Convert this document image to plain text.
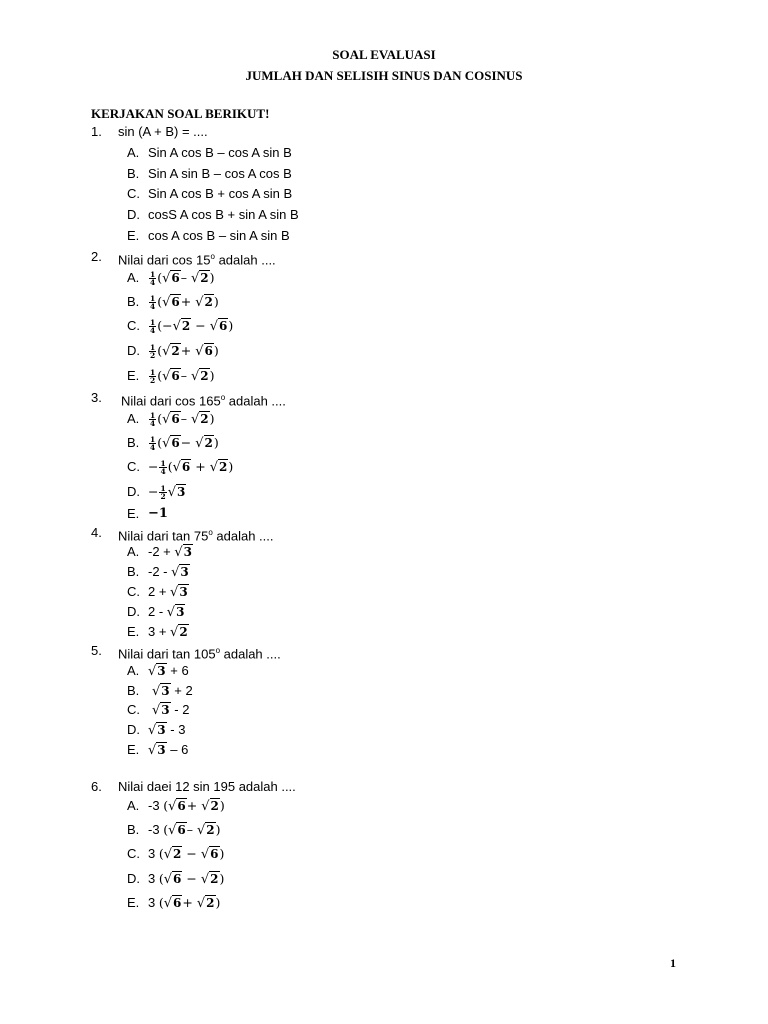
SOAL EVALUASI
JUMLAH DAN SELISIH SINUS DAN COSINUS
KERJAKAN SOAL BERIKUT!
1. sin (A + B) = ....
A. Sin A cos B – cos A sin B
B. Sin A sin B – cos A cos B
C. Sin A cos B + cos A sin B
D. cosS A cos B + sin A sin B
E. cos A cos B – sin A sin B
2. Nilai dari cos 15$^o$ adalah ....
A. $\frac{1}{4} (√6-$ √2)
B. $\frac{1}{4} (√6+ √2)$
C. $\frac{1}{4} (-√2 - √6)$
D. $\frac{1}{2} (√2+ √6)$
E. $\frac{1}{2} (√6-$ √2)
3. Nilai dari cos 165$^o$ adalah ....
A. $\frac{1}{4} (√6-$ √2)
B. $\frac{1}{4} (√6- √2)$
C. − $\frac{1}{4} (√6 + √2)$
D. − $\frac{1}{2} √3$
E. −1
4. Nilai dari tan 75$^o$ adalah ....
A. -2 + √3
B. -2 - √3
C. 2 + √3
D. 2 - √3
E. 3 + √2
5. Nilai dari tan 105$^o$ adalah ....
A. √3 + 6
B. √3 + 2
C. √3 - 2
D. √3 - 3
E. √3 – 6
6. Nilai daei 12 sin 195 adalah ....
A. -3 (√6+ √2)
B. -3 (√6– √2)
C. 3 (√2 − √6)
D. 3 (√6 − √2)
E. 3 (√6+ √2)
1
